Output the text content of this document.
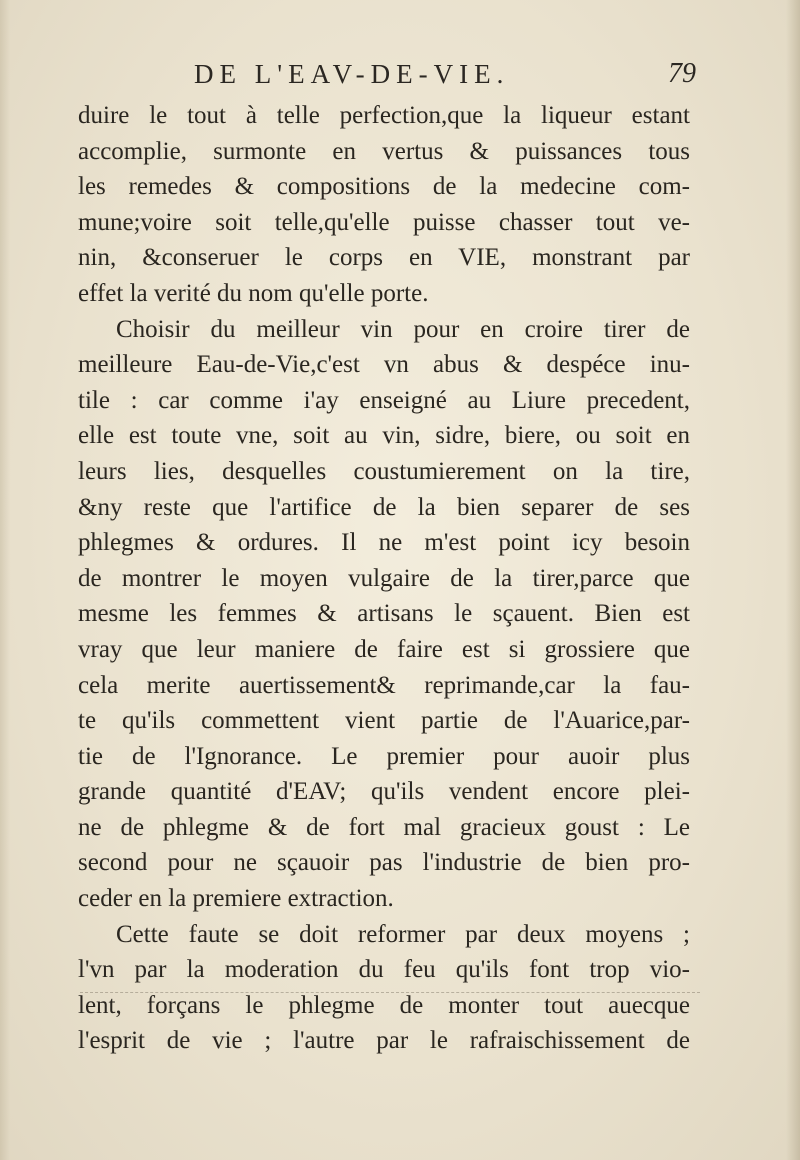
DE L'EAV-DE-VIE.	79
duire le tout à telle perfection,que la liqueur estant
accomplie, surmonte en vertus & puissances tous
les remedes & compositions de la medecine com-
mune;voire soit telle,qu'elle puisse chasser tout ve-
nin, &conseruer le corps en VIE, monstrant par
effet la verité du nom qu'elle porte.
Choisir du meilleur vin pour en croire tirer de
meilleure Eau-de-Vie,c'est vn abus & despéce inu-
tile : car comme i'ay enseigné au Liure precedent,
elle est toute vne, soit au vin, sidre, biere, ou soit en
leurs lies, desquelles coustumierement on la tire,
&ny reste que l'artifice de la bien separer de ses
phlegmes & ordures. Il ne m'est point icy besoin
de montrer le moyen vulgaire de la tirer,parce que
mesme les femmes & artisans le sçauent. Bien est
vray que leur maniere de faire est si grossiere que
cela merite auertissement& reprimande,car la fau-
te qu'ils commettent vient partie de l'Auarice,par-
tie de l'Ignorance. Le premier pour auoir plus
grande quantité d'EAV; qu'ils vendent encore plei-
ne de phlegme & de fort mal gracieux goust : Le
second pour ne sçauoir pas l'industrie de bien pro-
ceder en la premiere extraction.
Cette faute se doit reformer par deux moyens ;
l'vn par la moderation du feu qu'ils font trop vio-
lent, forçans le phlegme de monter tout auecque
l'esprit de vie ; l'autre par le rafraischissement de
